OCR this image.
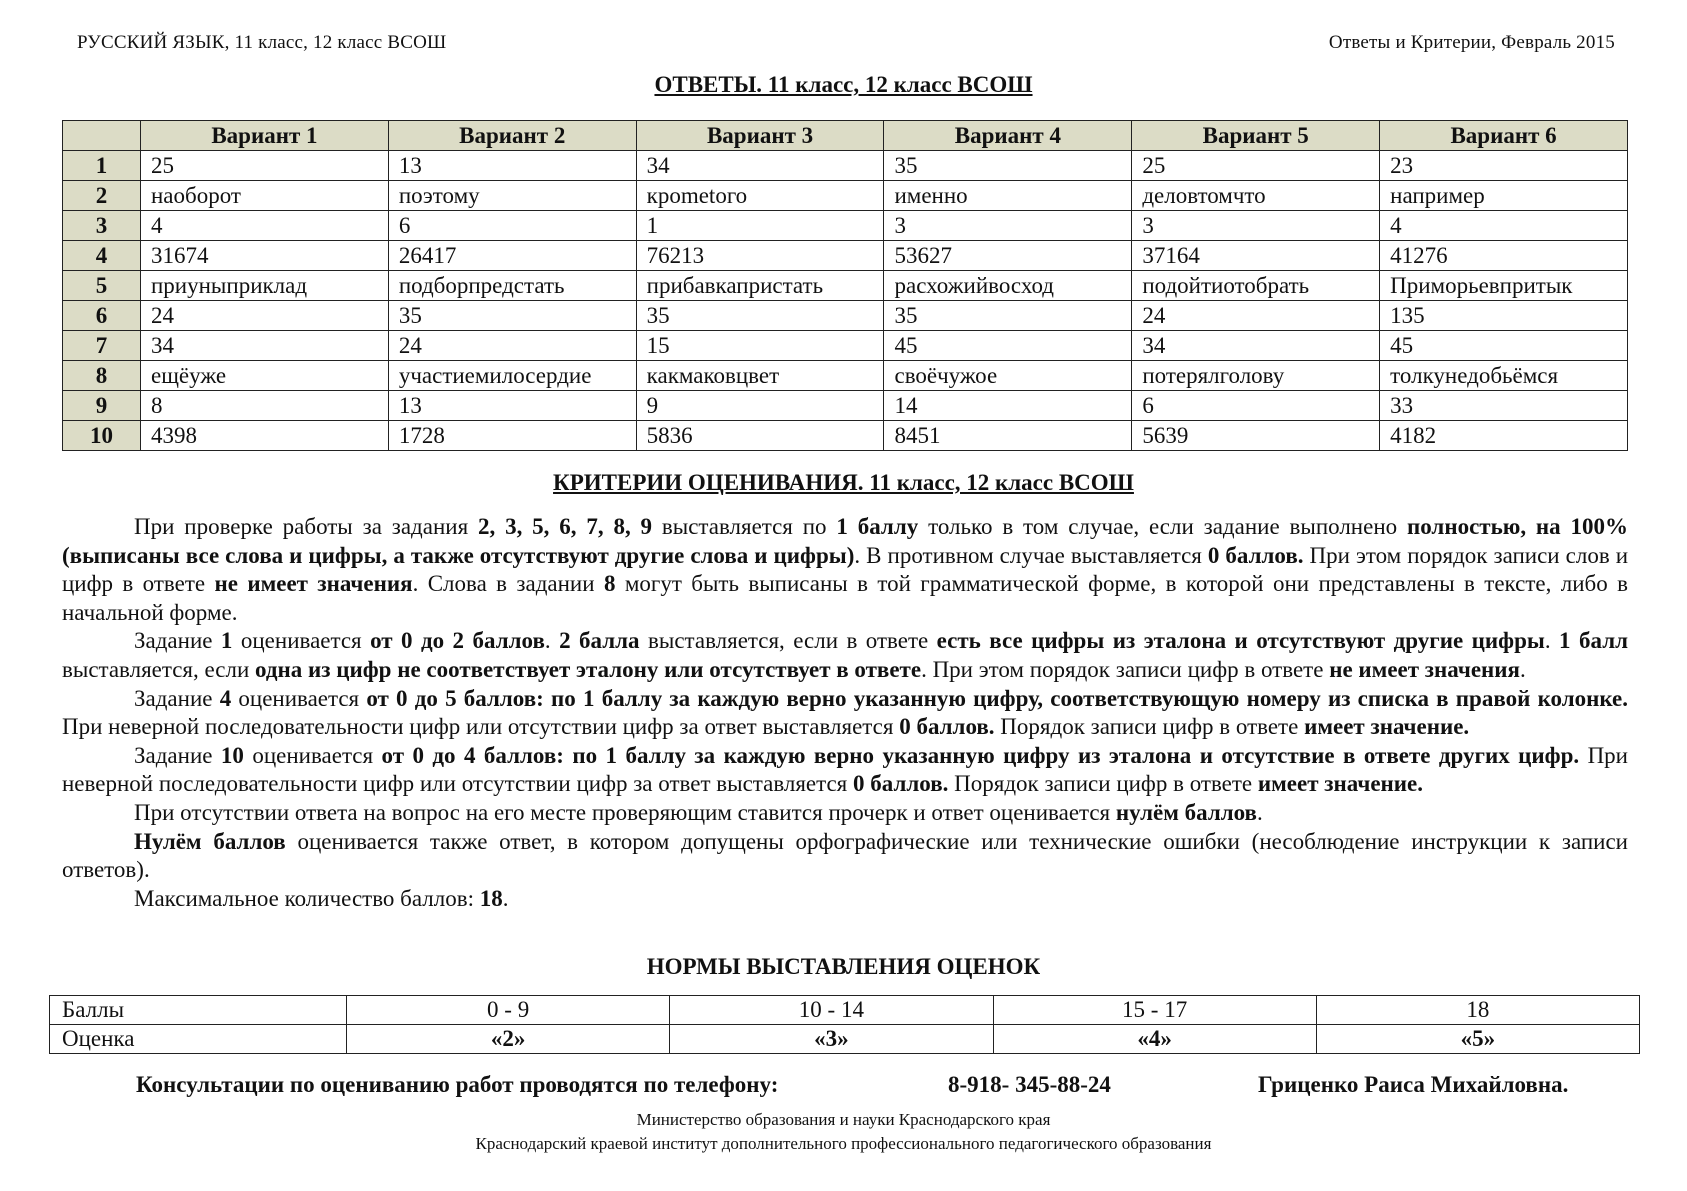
РУССКИЙ ЯЗЫК, 11 класс, 12 класс ВСОШ	Ответы и Критерии, Февраль 2015
ОТВЕТЫ. 11 класс, 12 класс ВСОШ
	Вариант 1	Вариант 2	Вариант 3	Вариант 4	Вариант 5	Вариант 6
1	25	13	34	35	25	23
2	наоборот	поэтому	кроmetого	именно	деловтомчто	например
3	4	6	1	3	3	4
4	31674	26417	76213	53627	37164	41276
5	приуныприклад	подборпредстать	прибавкапристать	расхожийвосход	подойтиотобрать	Приморьевпритык
6	24	35	35	35	24	135
7	34	24	15	45	34	45
8	ещёуже	участиемилосердие	какмаковцвет	своёчужое	потерялголову	толкунедобьёмся
9	8	13	9	14	6	33
10	4398	1728	5836	8451	5639	4182
КРИТЕРИИ ОЦЕНИВАНИЯ. 11 класс, 12 класс ВСОШ

При проверке работы за задания 2, 3, 5, 6, 7, 8, 9 выставляется по 1 баллу только в том случае, если задание выполнено полностью, на 100% (выписаны все слова и цифры, а также отсутствуют другие слова и цифры). В противном случае выставляется 0 баллов. При этом порядок записи слов и цифр в ответе не имеет значения. Слова в задании 8 могут быть выписаны в той грамматической форме, в которой они представлены в тексте, либо в начальной форме.

Задание 1 оценивается от 0 до 2 баллов. 2 балла выставляется, если в ответе есть все цифры из эталона и отсутствуют другие цифры. 1 балл выставляется, если одна из цифр не соответствует эталону или отсутствует в ответе. При этом порядок записи цифр в ответе не имеет значения.

Задание 4 оценивается от 0 до 5 баллов: по 1 баллу за каждую верно указанную цифру, соответствующую номеру из списка в правой колонке. При неверной последовательности цифр или отсутствии цифр за ответ выставляется 0 баллов. Порядок записи цифр в ответе имеет значение.

Задание 10 оценивается от 0 до 4 баллов: по 1 баллу за каждую верно указанную цифру из эталона и отсутствие в ответе других цифр. При неверной последовательности цифр или отсутствии цифр за ответ выставляется 0 баллов. Порядок записи цифр в ответе имеет значение.

При отсутствии ответа на вопрос на его месте проверяющим ставится прочерк и ответ оценивается нулём баллов.

Нулём баллов оценивается также ответ, в котором допущены орфографические или технические ошибки (несоблюдение инструкции к записи ответов).

Максимальное количество баллов: 18.

НОРМЫ ВЫСТАВЛЕНИЯ ОЦЕНОК
Баллы	0 - 9	10 - 14	15 - 17	18
Оценка	«2»	«3»	«4»	«5»
Консультации по оцениванию работ проводятся по телефону:	8-918- 345-88-24	Гриценко Раиса Михайловна.
Министерство образования и науки Краснодарского края
Краснодарский краевой институт дополнительного профессионального педагогического образования
